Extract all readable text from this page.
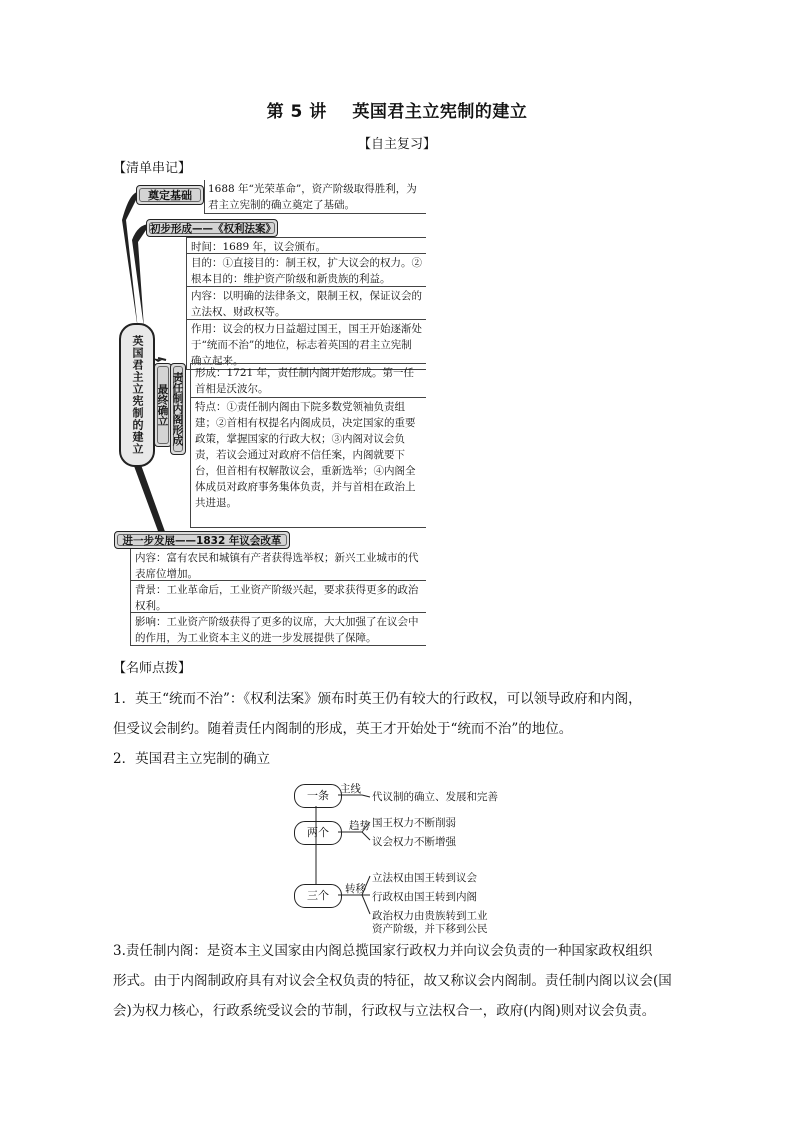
第 5 讲    英国君主立宪制的建立
【自主复习】
【清单串记】
英国君主立宪制的建立
奠定基础	1688 年“光荣革命”，资产阶级取得胜利，为君主立宪制的确立奠定了基础。
初步形成——《权利法案》
时间：1689 年，议会颁布。
目的：①直接目的：制王权，扩大议会的权力。②根本目的：维护资产阶级和新贵族的利益。
内容：以明确的法律条文，限制王权，保证议会的立法权、财政权等。
作用：议会的权力日益超过国王，国王开始逐渐处于“统而不治”的地位，标志着英国的君主立宪制确立起来。
最终确立 责任制内阁形成	形成：1721 年，责任制内阁开始形成。第一任首相是沃波尔。
特点：①责任制内阁由下院多数党领袖负责组建；②首相有权提名内阁成员，决定国家的重要政策，掌握国家的行政大权；③内阁对议会负责，若议会通过对政府不信任案，内阁就要下台，但首相有权解散议会，重新选举；④内阁全体成员对政府事务集体负责，并与首相在政治上共进退。
进一步发展——1832 年议会改革
内容：富有农民和城镇有产者获得选举权；新兴工业城市的代表席位增加。
背景：工业革命后，工业资产阶级兴起，要求获得更多的政治权利。
影响：工业资产阶级获得了更多的议席，大大加强了在议会中的作用，为工业资本主义的进一步发展提供了保障。
【名师点拨】
1．英王“统而不治”：《权利法案》颁布时英王仍有较大的行政权，可以领导政府和内阁，
但受议会制约。随着责任内阁制的形成，英王才开始处于“统而不治”的地位。
2．英国君主立宪制的确立
一条
两个
三个
主线
代议制的确立、发展和完善
趋势 国王权力不断削弱
议会权力不断增强
转移
立法权由国王转到议会
行政权由国王转到内阁
政治权力由贵族转到工业
资产阶级，并下移到公民
3.责任制内阁：是资本主义国家由内阁总揽国家行政权力并向议会负责的一种国家政权组织
形式。由于内阁制政府具有对议会全权负责的特征，故又称议会内阁制。责任制内阁以议会(国
会)为权力核心，行政系统受议会的节制，行政权与立法权合一，政府(内阁)则对议会负责。
